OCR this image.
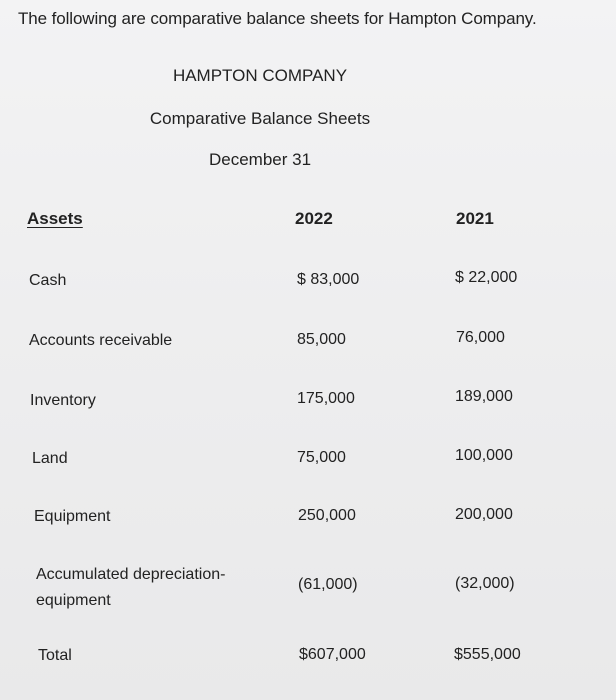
The following are comparative balance sheets for Hampton Company.
HAMPTON COMPANY
Comparative Balance Sheets
December 31
Assets	2022	2021
Cash	$ 83,000	$ 22,000
Accounts receivable	85,000	76,000
Inventory	175,000	189,000
Land	75,000	100,000
Equipment	250,000	200,000
Accumulated depreciation-
equipment
(61,000)	(32,000)
Total	$607,000	$555,000
